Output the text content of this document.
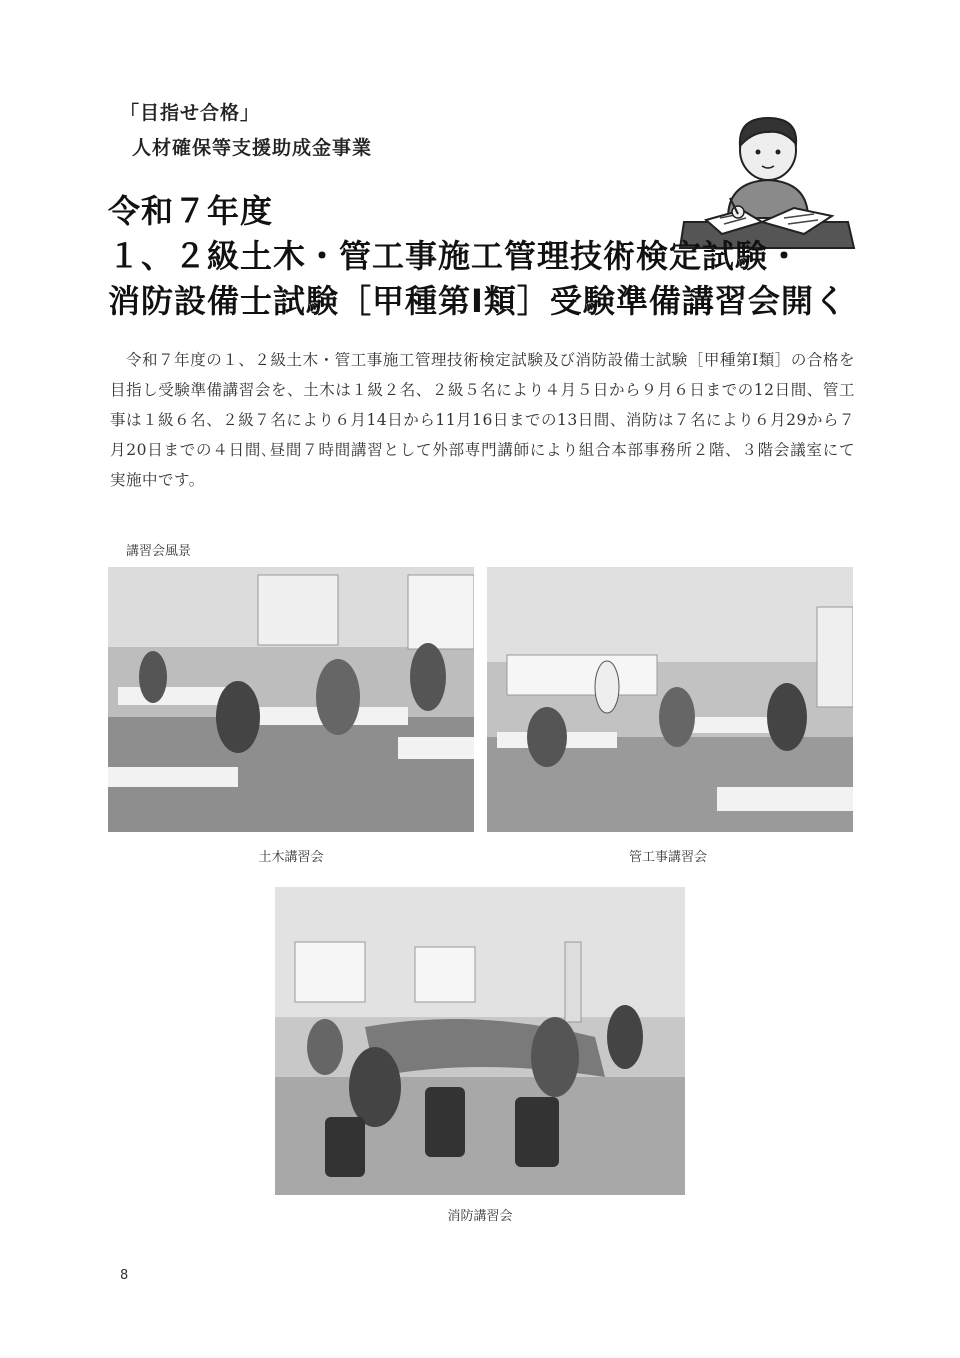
「目指せ合格」
人材確保等支援助成金事業
令和７年度
１、２級土木・管工事施工管理技術検定試験・
消防設備士試験［甲種第Ⅰ類］受験準備講習会開く
令和７年度の１、２級土木・管工事施工管理技術検定試験及び消防設備士試験［甲種第Ⅰ類］の合格を目指し受験準備講習会を、土木は１級２名、２級５名により４月５日から９月６日までの12日間、管工事は１級６名、２級７名により６月14日から11月16日までの13日間、消防は７名により６月29から７月20日までの４日間､昼間７時間講習として外部専門講師により組合本部事務所２階、３階会議室にて実施中です。
講習会風景
土木講習会	管工事講習会
消防講習会
8
